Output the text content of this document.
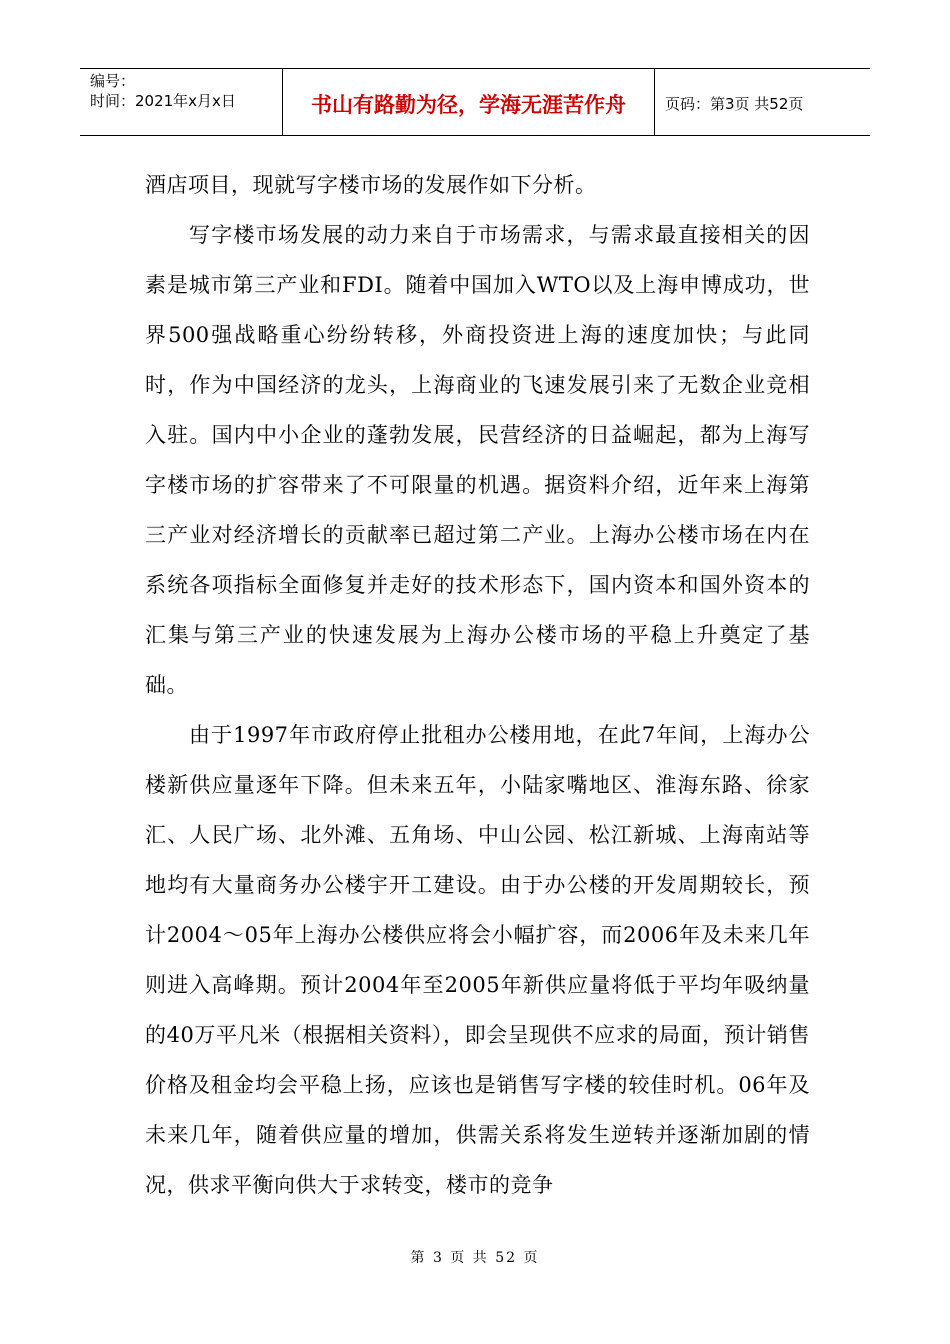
编号：
时间：2021年x月x日	书山有路勤为径，学海无涯苦作舟	页码：第3页 共52页

酒店项目，现就写字楼市场的发展作如下分析。

写字楼市场发展的动力来自于市场需求，与需求最直接相关的因素是城市第三产业和FDI。随着中国加入WTO以及上海申博成功，世界500强战略重心纷纷转移，外商投资进上海的速度加快；与此同时，作为中国经济的龙头，上海商业的飞速发展引来了无数企业竞相入驻。国内中小企业的蓬勃发展，民营经济的日益崛起，都为上海写字楼市场的扩容带来了不可限量的机遇。据资料介绍，近年来上海第三产业对经济增长的贡献率已超过第二产业。上海办公楼市场在内在系统各项指标全面修复并走好的技术形态下，国内资本和国外资本的汇集与第三产业的快速发展为上海办公楼市场的平稳上升奠定了基础。

由于1997年市政府停止批租办公楼用地，在此7年间，上海办公楼新供应量逐年下降。但未来五年，小陆家嘴地区、淮海东路、徐家汇、人民广场、北外滩、五角场、中山公园、松江新城、上海南站等地均有大量商务办公楼宇开工建设。由于办公楼的开发周期较长，预计2004～05年上海办公楼供应将会小幅扩容，而2006年及未来几年则进入高峰期。预计2004年至2005年新供应量将低于平均年吸纳量的40万平凡米（根据相关资料），即会呈现供不应求的局面，预计销售价格及租金均会平稳上扬，应该也是销售写字楼的较佳时机。06年及未来几年，随着供应量的增加，供需关系将发生逆转并逐渐加剧的情况，供求平衡向供大于求转变，楼市的竞争

第 3 页 共 52 页
